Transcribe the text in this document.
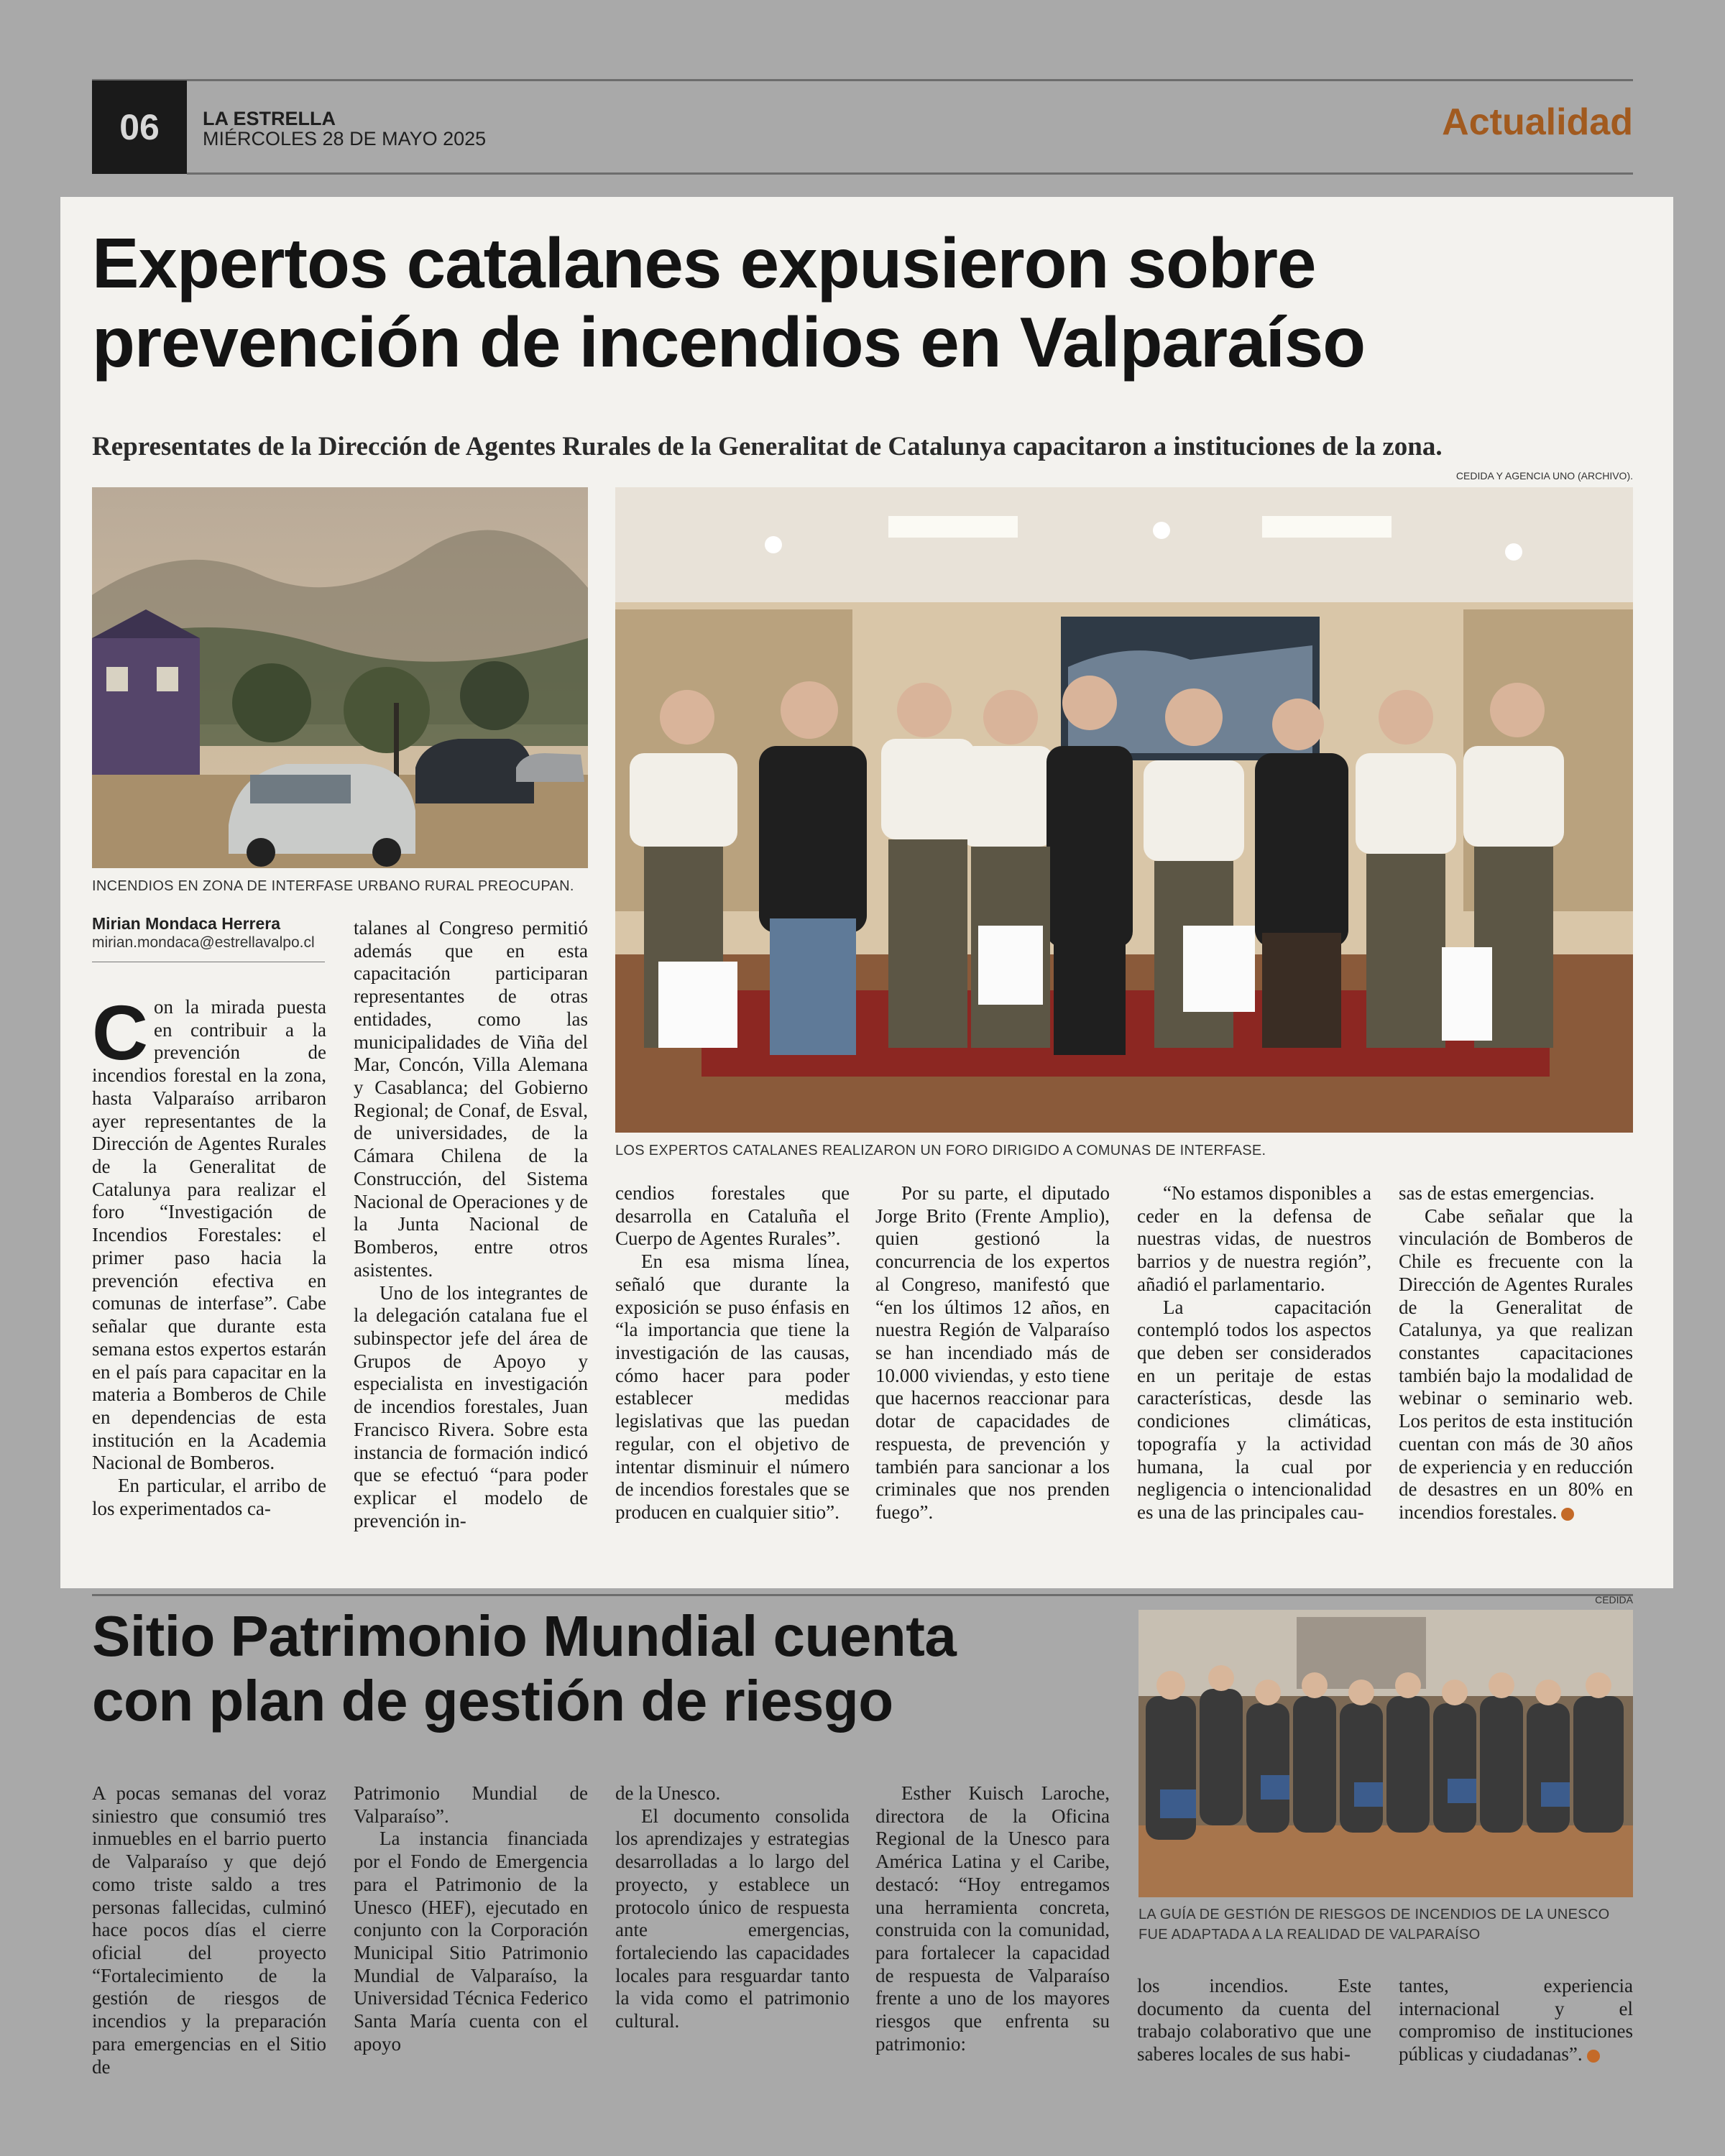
06	LA ESTRELLA
MIÉRCOLES 28 DE MAYO 2025	Actualidad
Expertos catalanes expusieron sobre
prevención de incendios en Valparaíso
Representates de la Dirección de Agentes Rurales de la Generalitat de Catalunya capacitaron a instituciones de la zona.
CEDIDA Y AGENCIA UNO (ARCHIVO).
INCENDIOS EN ZONA DE INTERFASE URBANO RURAL PREOCUPAN.
LOS EXPERTOS CATALANES REALIZARON UN FORO DIRIGIDO A COMUNAS DE INTERFASE.
Mirian Mondaca Herrera
mirian.mondaca@estrellavalpo.cl

Con la mirada puesta en contribuir a la prevención de incendios forestal en la zona, hasta Valparaíso arribaron ayer representantes de la Dirección de Agentes Rurales de la Generalitat de Catalunya para realizar el foro “Investigación de Incendios Forestales: el primer paso hacia la prevención efectiva en comunas de interfase”. Cabe señalar que durante esta semana estos expertos estarán en el país para capacitar en la materia a Bomberos de Chile en dependencias de esta institución en la Academia Nacional de Bomberos.

En particular, el arribo de los experimentados ca-

talanes al Congreso permitió además que en esta capacitación participaran representantes de otras entidades, como las municipalidades de Viña del Mar, Concón, Villa Alemana y Casablanca; del Gobierno Regional; de Conaf, de Esval, de universidades, de la Cámara Chilena de la Construcción, del Sistema Nacional de Operaciones y de la Junta Nacional de Bomberos, entre otros asistentes.

Uno de los integrantes de la delegación catalana fue el subinspector jefe del área de Grupos de Apoyo y especialista en investigación de incendios forestales, Juan Francisco Rivera. Sobre esta instancia de formación indicó que se efectuó “para poder explicar el modelo de prevención in-

cendios forestales que desarrolla en Cataluña el Cuerpo de Agentes Rurales”.

En esa misma línea, señaló que durante la exposición se puso énfasis en “la importancia que tiene la investigación de las causas, cómo hacer para poder establecer medidas legislativas que las puedan regular, con el objetivo de intentar disminuir el número de incendios forestales que se producen en cualquier sitio”.

Por su parte, el diputado Jorge Brito (Frente Amplio), quien gestionó la concurrencia de los expertos al Congreso, manifestó que “en los últimos 12 años, en nuestra Región de Valparaíso se han incendiado más de 10.000 viviendas, y esto tiene que hacernos reaccionar para dotar de capacidades de respuesta, de prevención y también para sancionar a los criminales que nos prenden fuego”.

“No estamos disponibles a ceder en la defensa de nuestras vidas, de nuestros barrios y de nuestra región”, añadió el parlamentario.

La capacitación contempló todos los aspectos que deben ser considerados en un peritaje de estas características, desde las condiciones climáticas, topografía y la actividad humana, la cual por negligencia o intencionalidad es una de las principales cau-

sas de estas emergencias.

Cabe señalar que la vinculación de Bomberos de Chile es frecuente con la Dirección de Agentes Rurales de la Generalitat de Catalunya, ya que realizan constantes capacitaciones también bajo la modalidad de webinar o seminario web. Los peritos de esta institución cuentan con más de 30 años de experiencia y en reducción de desastres en un 80% en incendios forestales.

CEDIDA
Sitio Patrimonio Mundial cuenta
con plan de gestión de riesgo
LA GUÍA DE GESTIÓN DE RIESGOS DE INCENDIOS DE LA UNESCO
FUE ADAPTADA A LA REALIDAD DE VALPARAÍSO

A pocas semanas del voraz siniestro que consumió tres inmuebles en el barrio puerto de Valparaíso y que dejó como triste saldo a tres personas fallecidas, culminó hace pocos días el cierre oficial del proyecto “Fortalecimiento de la gestión de riesgos de incendios y la preparación para emergencias en el Sitio de

Patrimonio Mundial de Valparaíso”.

La instancia financiada por el Fondo de Emergencia para el Patrimonio de la Unesco (HEF), ejecutado en conjunto con la Corporación Municipal Sitio Patrimonio Mundial de Valparaíso, la Universidad Técnica Federico Santa María cuenta con el apoyo

de la Unesco.

El documento consolida los aprendizajes y estrategias desarrolladas a lo largo del proyecto, y establece un protocolo único de respuesta ante emergencias, fortaleciendo las capacidades locales para resguardar tanto la vida como el patrimonio cultural.

Esther Kuisch Laroche, directora de la Oficina Regional de la Unesco para América Latina y el Caribe, destacó: “Hoy entregamos una herramienta concreta, construida con la comunidad, para fortalecer la capacidad de respuesta de Valparaíso frente a uno de los mayores riesgos que enfrenta su patrimonio:

los incendios. Este documento da cuenta del trabajo colaborativo que une saberes locales de sus habi-

tantes, experiencia internacional y el compromiso de instituciones públicas y ciudadanas”.
